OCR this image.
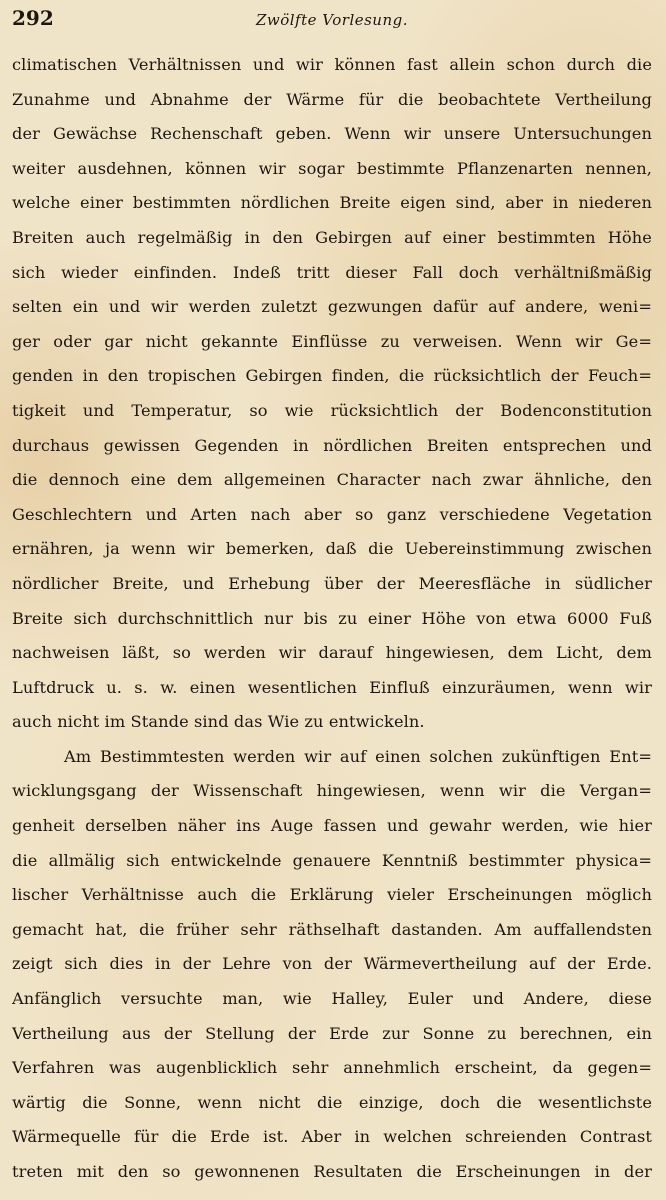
292	Zwölfte Vorlesung.
climatischen Verhältnissen und wir können fast allein schon durch die
Zunahme und Abnahme der Wärme für die beobachtete Vertheilung
der Gewächse Rechenschaft geben. Wenn wir unsere Untersuchungen
weiter ausdehnen, können wir sogar bestimmte Pflanzenarten nennen,
welche einer bestimmten nördlichen Breite eigen sind, aber in niederen
Breiten auch regelmäßig in den Gebirgen auf einer bestimmten Höhe
sich wieder einfinden. Indeß tritt dieser Fall doch verhältnißmäßig
selten ein und wir werden zuletzt gezwungen dafür auf andere, weni=
ger oder gar nicht gekannte Einflüsse zu verweisen. Wenn wir Ge=
genden in den tropischen Gebirgen finden, die rücksichtlich der Feuch=
tigkeit und Temperatur, so wie rücksichtlich der Bodenconstitution
durchaus gewissen Gegenden in nördlichen Breiten entsprechen und
die dennoch eine dem allgemeinen Character nach zwar ähnliche, den
Geschlechtern und Arten nach aber so ganz verschiedene Vegetation
ernähren, ja wenn wir bemerken, daß die Uebereinstimmung zwischen
nördlicher Breite, und Erhebung über der Meeresfläche in südlicher
Breite sich durchschnittlich nur bis zu einer Höhe von etwa 6000 Fuß
nachweisen läßt, so werden wir darauf hingewiesen, dem Licht, dem
Luftdruck u. s. w. einen wesentlichen Einfluß einzuräumen, wenn wir
auch nicht im Stande sind das Wie zu entwickeln.
Am Bestimmtesten werden wir auf einen solchen zukünftigen Ent=
wicklungsgang der Wissenschaft hingewiesen, wenn wir die Vergan=
genheit derselben näher ins Auge fassen und gewahr werden, wie hier
die allmälig sich entwickelnde genauere Kenntniß bestimmter physica=
lischer Verhältnisse auch die Erklärung vieler Erscheinungen möglich
gemacht hat, die früher sehr räthselhaft dastanden. Am auffallendsten
zeigt sich dies in der Lehre von der Wärmevertheilung auf der Erde.
Anfänglich versuchte man, wie Halley, Euler und Andere, diese
Vertheilung aus der Stellung der Erde zur Sonne zu berechnen, ein
Verfahren was augenblicklich sehr annehmlich erscheint, da gegen=
wärtig die Sonne, wenn nicht die einzige, doch die wesentlichste
Wärmequelle für die Erde ist. Aber in welchen schreienden Contrast
treten mit den so gewonnenen Resultaten die Erscheinungen in der
